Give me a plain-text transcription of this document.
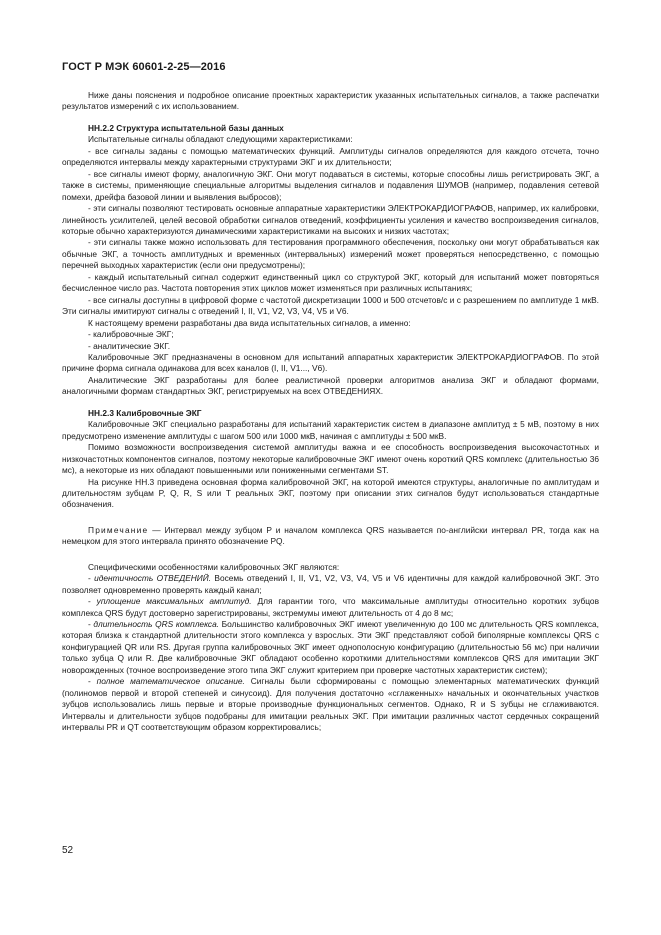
ГОСТ Р МЭК 60601-2-25—2016

Ниже даны пояснения и подробное описание проектных характеристик указанных испытательных сигналов, а также распечатки результатов измерений с их использованием.

НН.2.2 Структура испытательной базы данных

Испытательные сигналы обладают следующими характеристиками:

- все сигналы заданы с помощью математических функций. Амплитуды сигналов определяются для каждого отсчета, точно определяются интервалы между характерными структурами ЭКГ и их длительности;

- все сигналы имеют форму, аналогичную ЭКГ. Они могут подаваться в системы, которые способны лишь регистрировать ЭКГ, а также в системы, применяющие специальные алгоритмы выделения сигналов и подавления ШУМОВ (например, подавления сетевой помехи, дрейфа базовой линии и выявления выбросов);

- эти сигналы позволяют тестировать основные аппаратные характеристики ЭЛЕКТРОКАРДИОГРАФОВ, например, их калибровки, линейность усилителей, целей весовой обработки сигналов отведений, коэффициенты усиления и качество воспроизведения сигналов, которые обычно характеризуются динамическими характеристиками на высоких и низких частотах;

- эти сигналы также можно использовать для тестирования программного обеспечения, поскольку они могут обрабатываться как обычные ЭКГ, а точность амплитудных и временных (интервальных) измерений может проверяться непосредственно, с помощью перечней выходных характеристик (если они предусмотрены);

- каждый испытательный сигнал содержит единственный цикл со структурой ЭКГ, который для испытаний может повторяться бесчисленное число раз. Частота повторения этих циклов может изменяться при различных испытаниях;

- все сигналы доступны в цифровой форме с частотой дискретизации 1000 и 500 отсчетов/с и с разрешением по амплитуде 1 мкВ. Эти сигналы имитируют сигналы с отведений I, II, V1, V2, V3, V4, V5 и V6.

К настоящему времени разработаны два вида испытательных сигналов, а именно:

- калибровочные ЭКГ;

- аналитические ЭКГ.

Калибровочные ЭКГ предназначены в основном для испытаний аппаратных характеристик ЭЛЕКТРОКАРДИОГРАФОВ. По этой причине форма сигнала одинакова для всех каналов (I, II, V1..., V6).

Аналитические ЭКГ разработаны для более реалистичной проверки алгоритмов анализа ЭКГ и обладают формами, аналогичными формам стандартных ЭКГ, регистрируемых на всех ОТВЕДЕНИЯХ.

НН.2.3 Калибровочные ЭКГ

Калибровочные ЭКГ специально разработаны для испытаний характеристик систем в диапазоне амплитуд ± 5 мВ, поэтому в них предусмотрено изменение амплитуды с шагом 500 или 1000 мкВ, начиная с амплитуды ± 500 мкВ.

Помимо возможности воспроизведения системой амплитуды важна и ее способность воспроизведения высокочастотных и низкочастотных компонентов сигналов, поэтому некоторые калибровочные ЭКГ имеют очень короткий QRS комплекс (длительностью 36 мс), а некоторые из них обладают повышенными или пониженными сегментами ST.

На рисунке НН.3 приведена основная форма калибровочной ЭКГ, на которой имеются структуры, аналогичные по амплитудам и длительностям зубцам P, Q, R, S или T реальных ЭКГ, поэтому при описании этих сигналов будут использоваться стандартные обозначения.

Примечание — Интервал между зубцом P и началом комплекса QRS называется по-английски интервал PR, тогда как на немецком для этого интервала принято обозначение PQ.

Специфическими особенностями калибровочных ЭКГ являются:

- идентичность ОТВЕДЕНИЙ. Восемь отведений I, II, V1, V2, V3, V4, V5 и V6 идентичны для каждой калибровочной ЭКГ. Это позволяет одновременно проверять каждый канал;

- уплощение максимальных амплитуд. Для гарантии того, что максимальные амплитуды относительно коротких зубцов комплекса QRS будут достоверно зарегистрированы, экстремумы имеют длительность от 4 до 8 мс;

- длительность QRS комплекса. Большинство калибровочных ЭКГ имеют увеличенную до 100 мс длительность QRS комплекса, которая близка к стандартной длительности этого комплекса у взрослых. Эти ЭКГ представляют собой биполярные комплексы QRS с конфигурацией QR или RS. Другая группа калибровочных ЭКГ имеет однополосную конфигурацию (длительностью 56 мс) при наличии только зубца Q или R. Две калибровочные ЭКГ обладают особенно короткими длительностями комплексов QRS для имитации ЭКГ новорожденных (точное воспроизведение этого типа ЭКГ служит критерием при проверке частотных характеристик систем);

- полное математическое описание. Сигналы были сформированы с помощью элементарных математических функций (полиномов первой и второй степеней и синусоид). Для получения достаточно «сглаженных» начальных и окончательных участков зубцов использовались лишь первые и вторые производные функциональных сегментов. Однако, R и S зубцы не сглаживаются. Интервалы и длительности зубцов подобраны для имитации реальных ЭКГ. При имитации различных частот сердечных сокращений интервалы PR и QT соответствующим образом корректировались;

52
